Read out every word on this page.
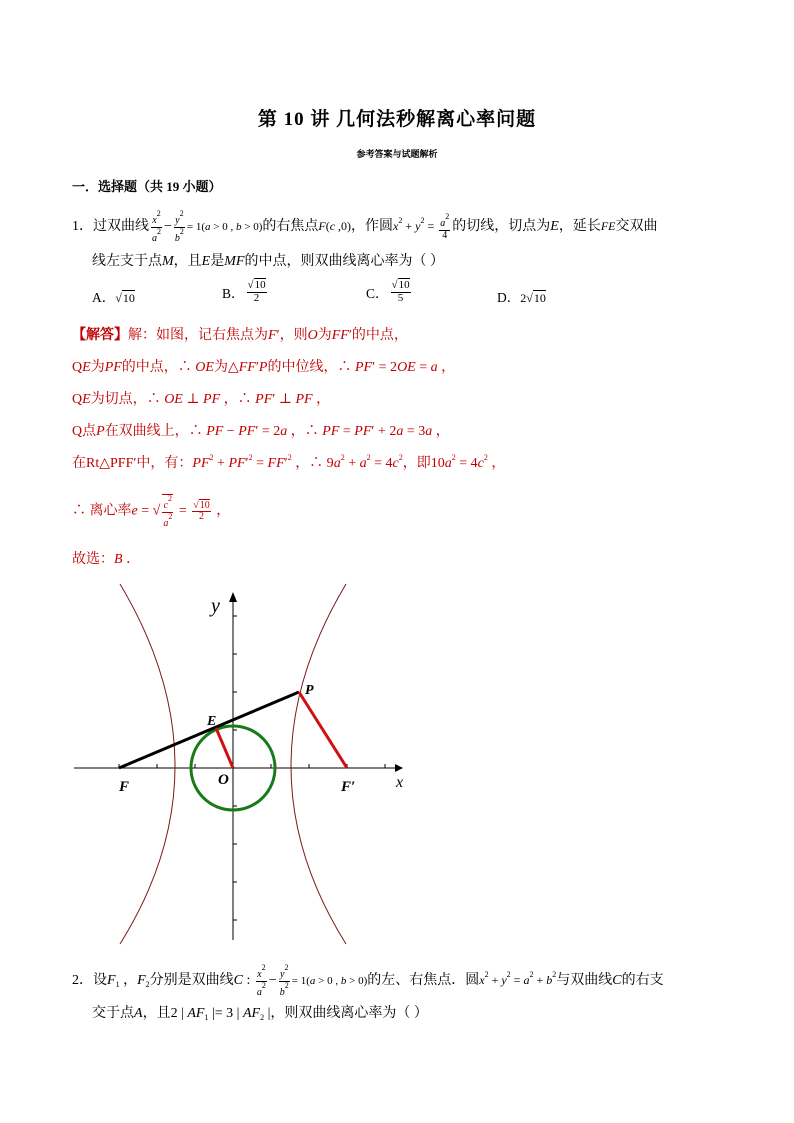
第 10 讲 几何法秒解离心率问题
参考答案与试题解析
一．选择题（共 19 小题）
1．过双曲线 $\frac{x^2}{a^2} - \frac{y^2}{b^2} = 1(a > 0$ , b > 0)的右焦点F(c ,0)，作圆$x^2 + y^2 = \frac{a^2}{4}$ 的切线，切点为E，延长FE交双曲
线左支于点M，且E是MF的中点，则双曲线离心率为（ ）
A．√10	B． $\frac{√10}{2}$	C． $\frac{√10}{5}$	D．2√10
【解答】解：如图，记右焦点为F′，则O为FF′的中点，
QE为PF的中点，∴ OE为△FF′P的中位线，∴ PF′ = 2OE = a ，
QE为切点，∴ OE ⊥ PF ，∴ PF′ ⊥ PF ，
Q点P在双曲线上，∴ PF − PF′ = 2a ，∴ PF = PF′ + 2a = 3a ，
在Rt△PFF′中，有：$PF^2 + PF'^2 = FF'^2$ ，∴ $9a^2 + a^2 = 4c^2$，即$10a^2 = 4c^2$ ，
∴ 离心率e = √ $\frac{c^2}{a^2} = \frac{√10}{2}$ ，
故选：B ．
y
x
P
E
F	O	F′
2．设$F_1$ ，$F_2$分别是双曲线C : $\frac{x^2}{a^2} - \frac{y^2}{b^2} = 1(a > 0$ , b > 0)的左、右焦点．圆$x^2 + y^2 = a^2 + b^2$与双曲线C的右支
交于点A，且2 | $AF_1$ |= 3 | $AF_2$ |，则双曲线离心率为（ ）
